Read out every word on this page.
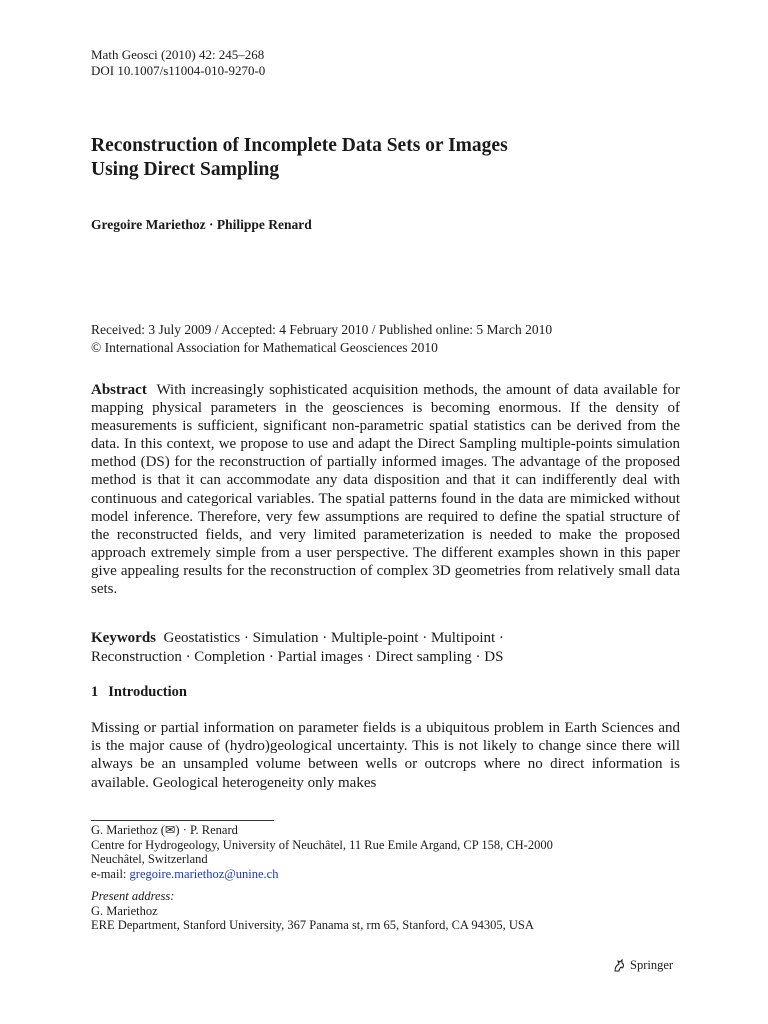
Math Geosci (2010) 42: 245–268
DOI 10.1007/s11004-010-9270-0
Reconstruction of Incomplete Data Sets or Images
Using Direct Sampling
Gregoire Mariethoz · Philippe Renard
Received: 3 July 2009 / Accepted: 4 February 2010 / Published online: 5 March 2010
© International Association for Mathematical Geosciences 2010
Abstract With increasingly sophisticated acquisition methods, the amount of data available for mapping physical parameters in the geosciences is becoming enormous. If the density of measurements is sufficient, significant non-parametric spatial statistics can be derived from the data. In this context, we propose to use and adapt the Direct Sampling multiple-points simulation method (DS) for the reconstruction of partially informed images. The advantage of the proposed method is that it can accommodate any data disposition and that it can indifferently deal with continuous and categorical variables. The spatial patterns found in the data are mimicked without model inference. Therefore, very few assumptions are required to define the spatial structure of the reconstructed fields, and very limited parameterization is needed to make the proposed approach extremely simple from a user perspective. The different examples shown in this paper give appealing results for the reconstruction of complex 3D geometries from relatively small data sets.
Keywords Geostatistics · Simulation · Multiple-point · Multipoint ·
Reconstruction · Completion · Partial images · Direct sampling · DS
1 Introduction
Missing or partial information on parameter fields is a ubiquitous problem in Earth Sciences and is the major cause of (hydro)geological uncertainty. This is not likely to change since there will always be an unsampled volume between wells or outcrops where no direct information is available. Geological heterogeneity only makes
G. Mariethoz (✉) · P. Renard
Centre for Hydrogeology, University of Neuchâtel, 11 Rue Emile Argand, CP 158, CH-2000
Neuchâtel, Switzerland
e-mail: gregoire.mariethoz@unine.ch
Present address:
G. Mariethoz
ERE Department, Stanford University, 367 Panama st, rm 65, Stanford, CA 94305, USA
Springer
